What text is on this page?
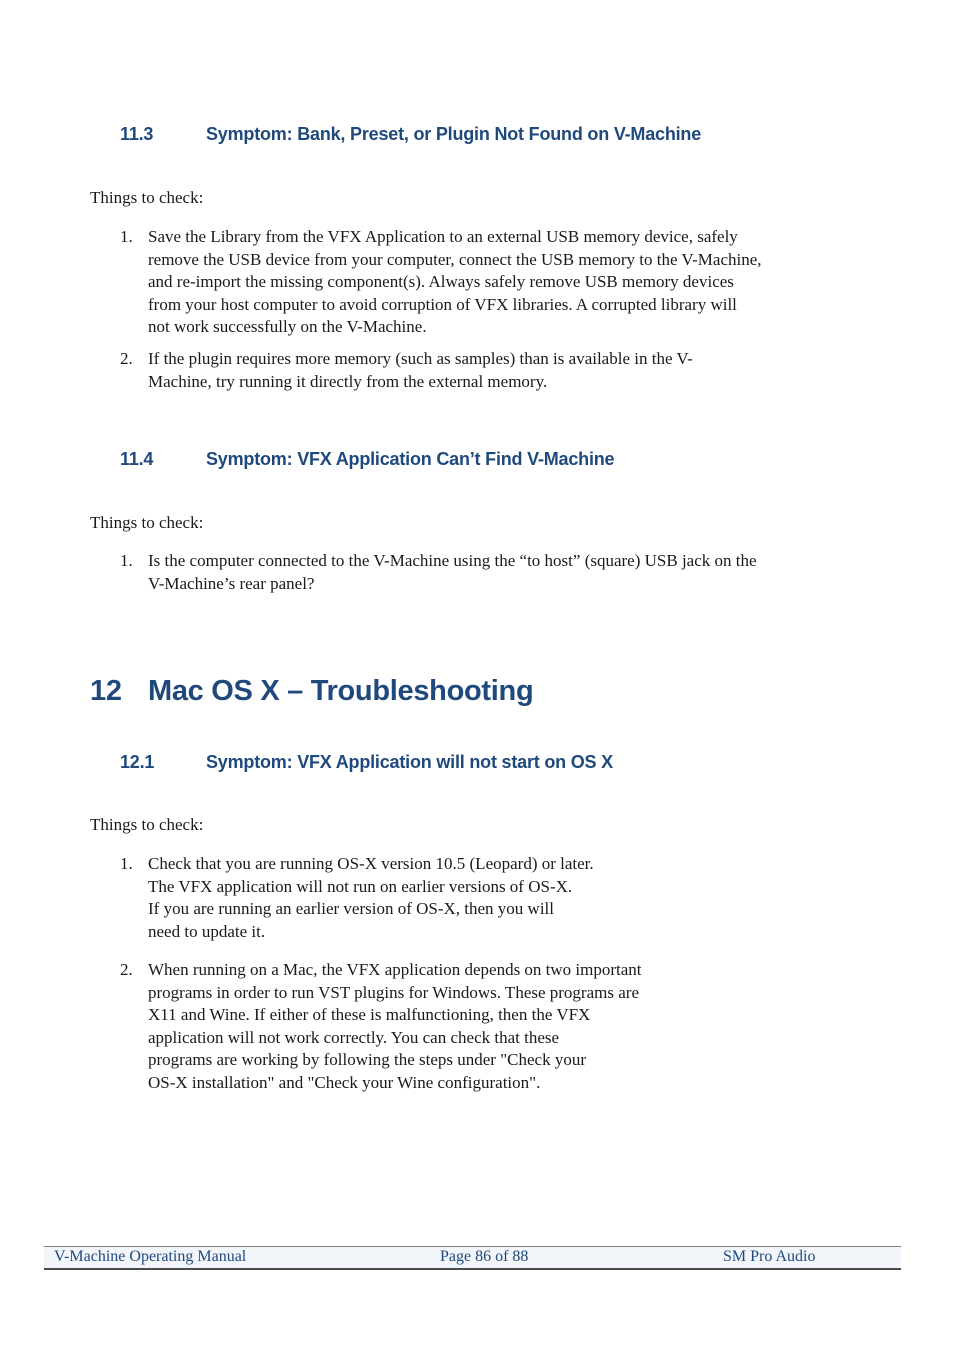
11.3	Symptom: Bank, Preset, or Plugin Not Found on V-Machine
Things to check:
1. Save the Library from the VFX Application to an external USB memory device, safely
remove the USB device from your computer, connect the USB memory to the V-Machine,
and re-import the missing component(s). Always safely remove USB memory devices
from your host computer to avoid corruption of VFX libraries. A corrupted library will
not work successfully on the V-Machine.
2. If the plugin requires more memory (such as samples) than is available in the V-
Machine, try running it directly from the external memory.
11.4	Symptom: VFX Application Can’t Find V-Machine
Things to check:
1. Is the computer connected to the V-Machine using the “to host” (square) USB jack on the
V-Machine’s rear panel?
12 Mac OS X – Troubleshooting
12.1	Symptom: VFX Application will not start on OS X
Things to check:
1. Check that you are running OS-X version 10.5 (Leopard) or later.
The VFX application will not run on earlier versions of OS-X.
If you are running an earlier version of OS-X, then you will
need to update it.
2. When running on a Mac, the VFX application depends on two important
programs in order to run VST plugins for Windows. These programs are
X11 and Wine. If either of these is malfunctioning, then the VFX
application will not work correctly. You can check that these
programs are working by following the steps under "Check your
OS-X installation" and "Check your Wine configuration".
V-Machine Operating Manual	Page 86 of 88	SM Pro Audio
